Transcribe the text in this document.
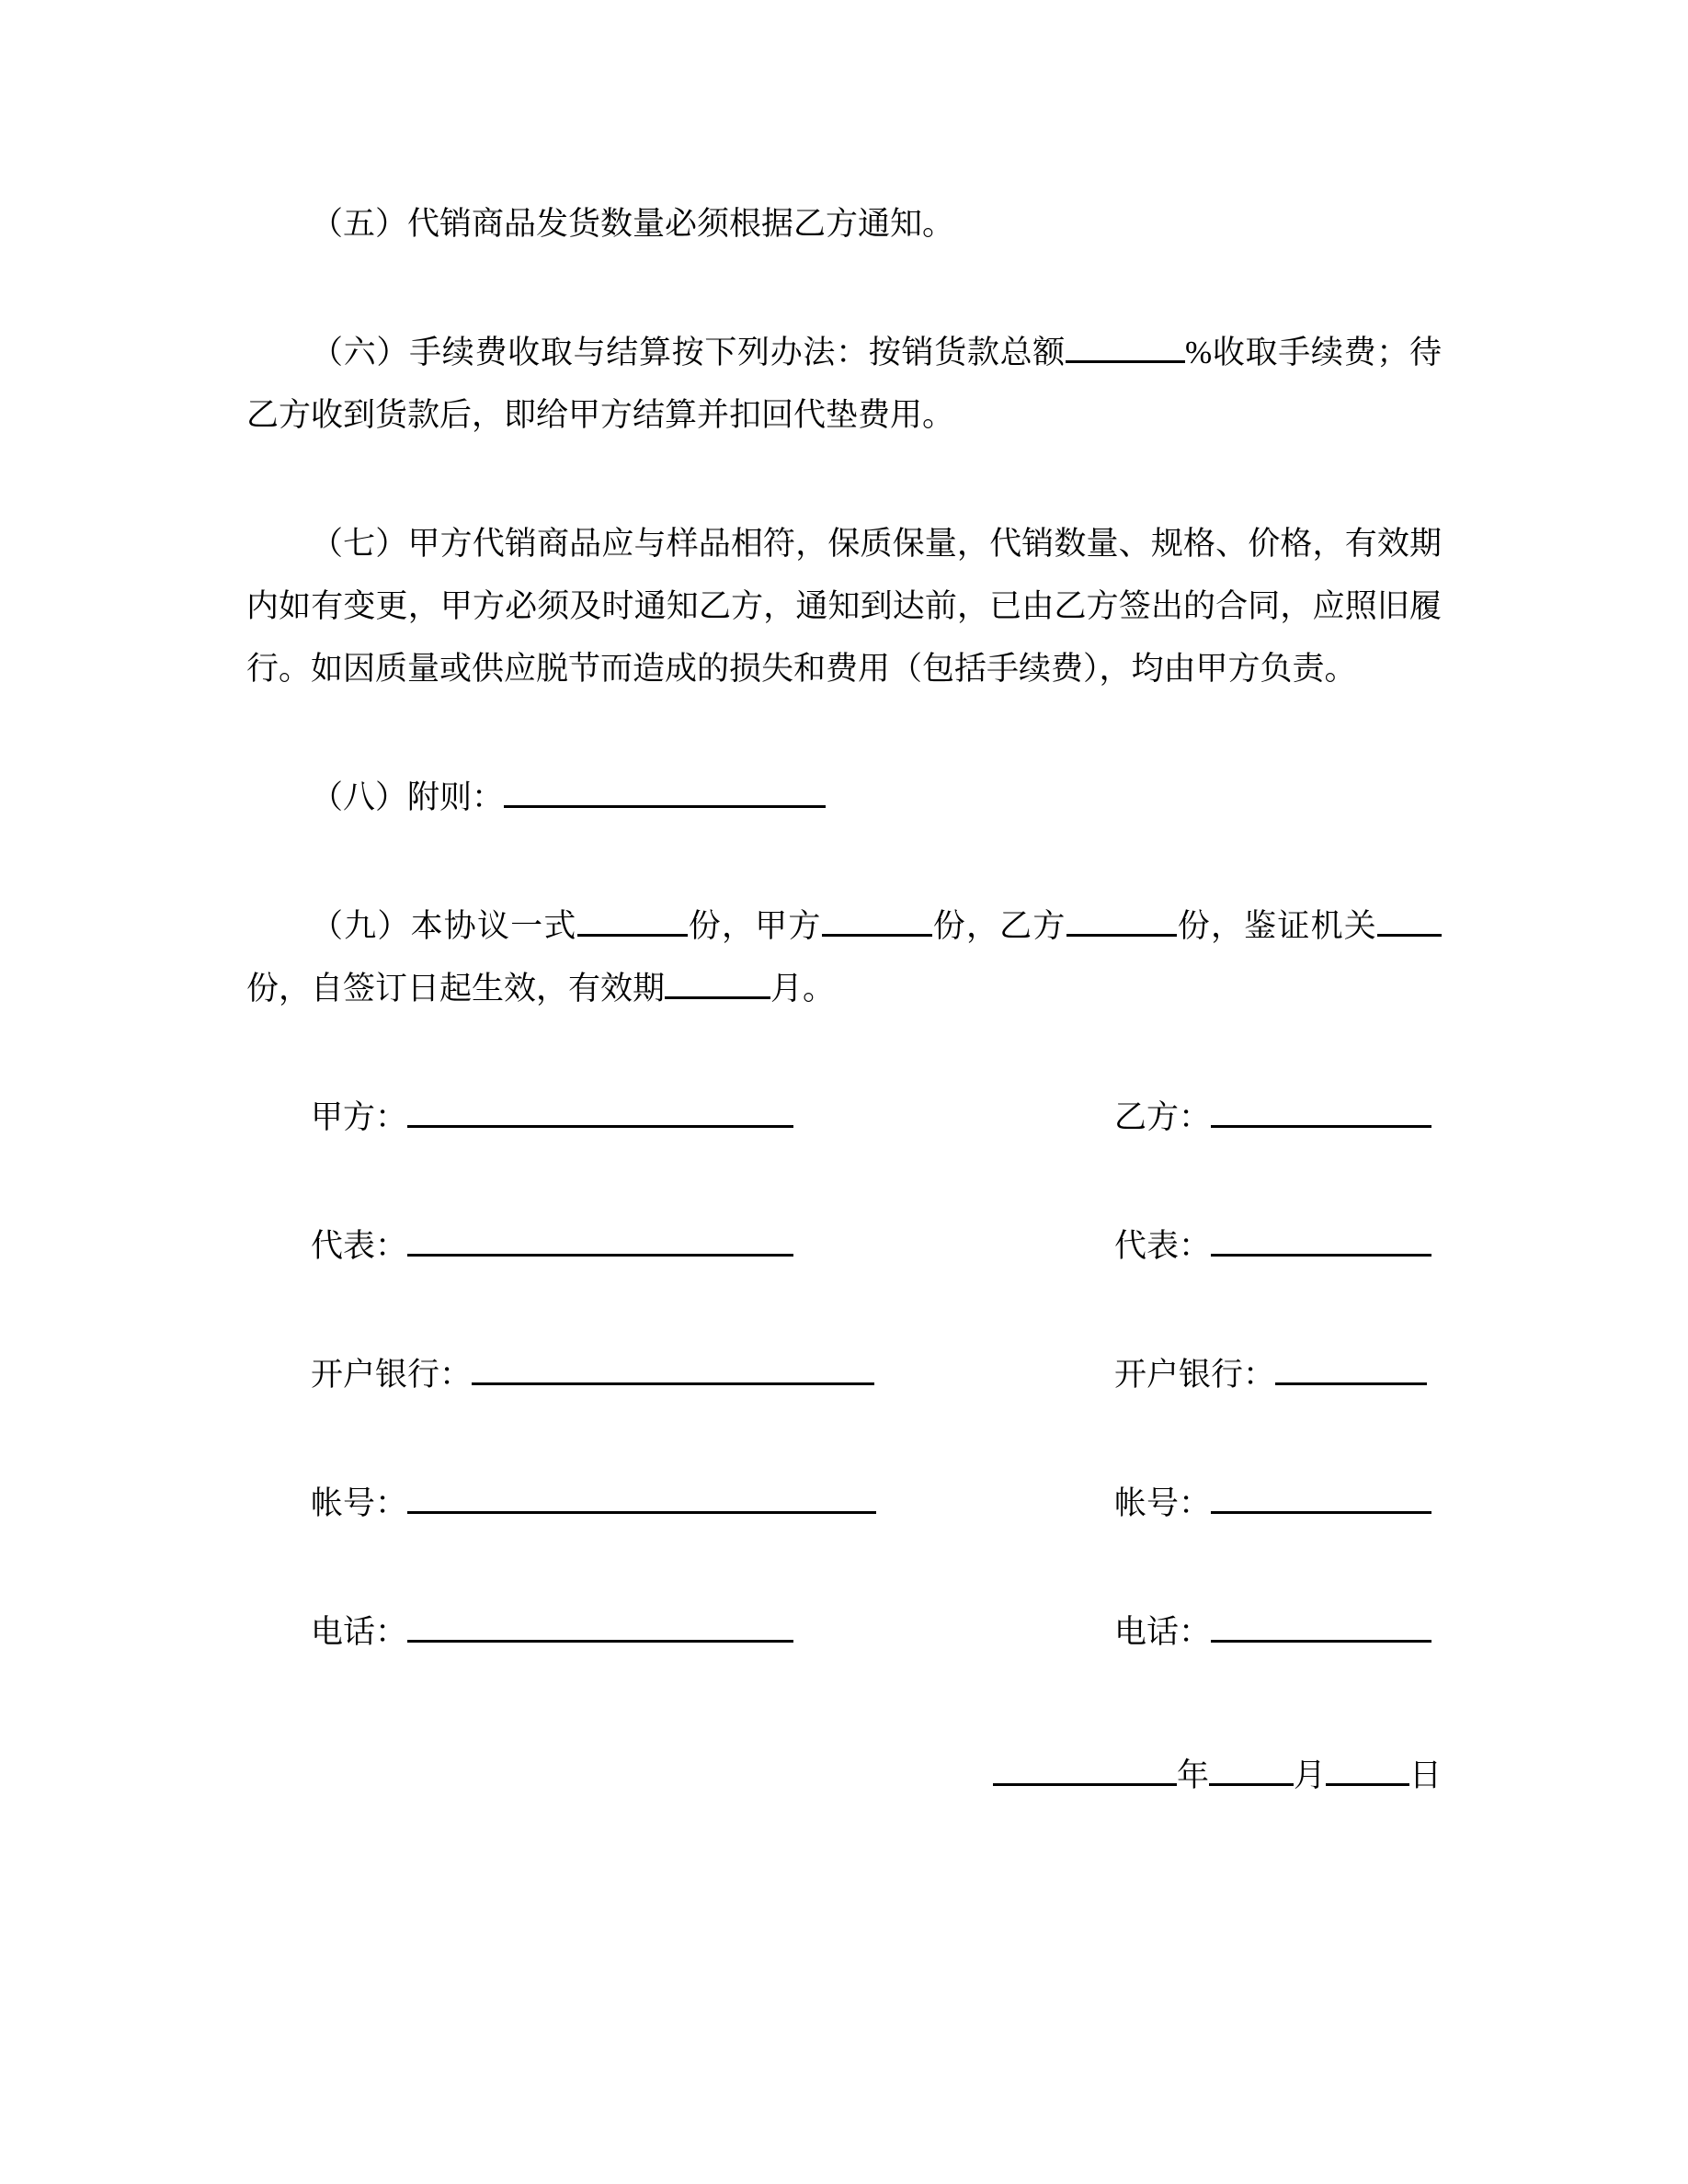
（五）代销商品发货数量必须根据乙方通知。

（六）手续费收取与结算按下列办法：按销货款总额	%收取手续费；待乙方收到货款后，即给甲方结算并扣回代垫费用。

（七）甲方代销商品应与样品相符，保质保量，代销数量、规格、价格，有效期内如有变更，甲方必须及时通知乙方，通知到达前，已由乙方签出的合同，应照旧履行。如因质量或供应脱节而造成的损失和费用（包括手续费），均由甲方负责。

（八）附则：

（九）本协议一式	份，甲方	份，乙方	份，鉴证机关份，自签订日起生效，有效期	月。

甲方：	乙方：
代表：	代表：
开户银行：	开户银行：
帐号：	帐号：
电话：	电话：
年	月	日
